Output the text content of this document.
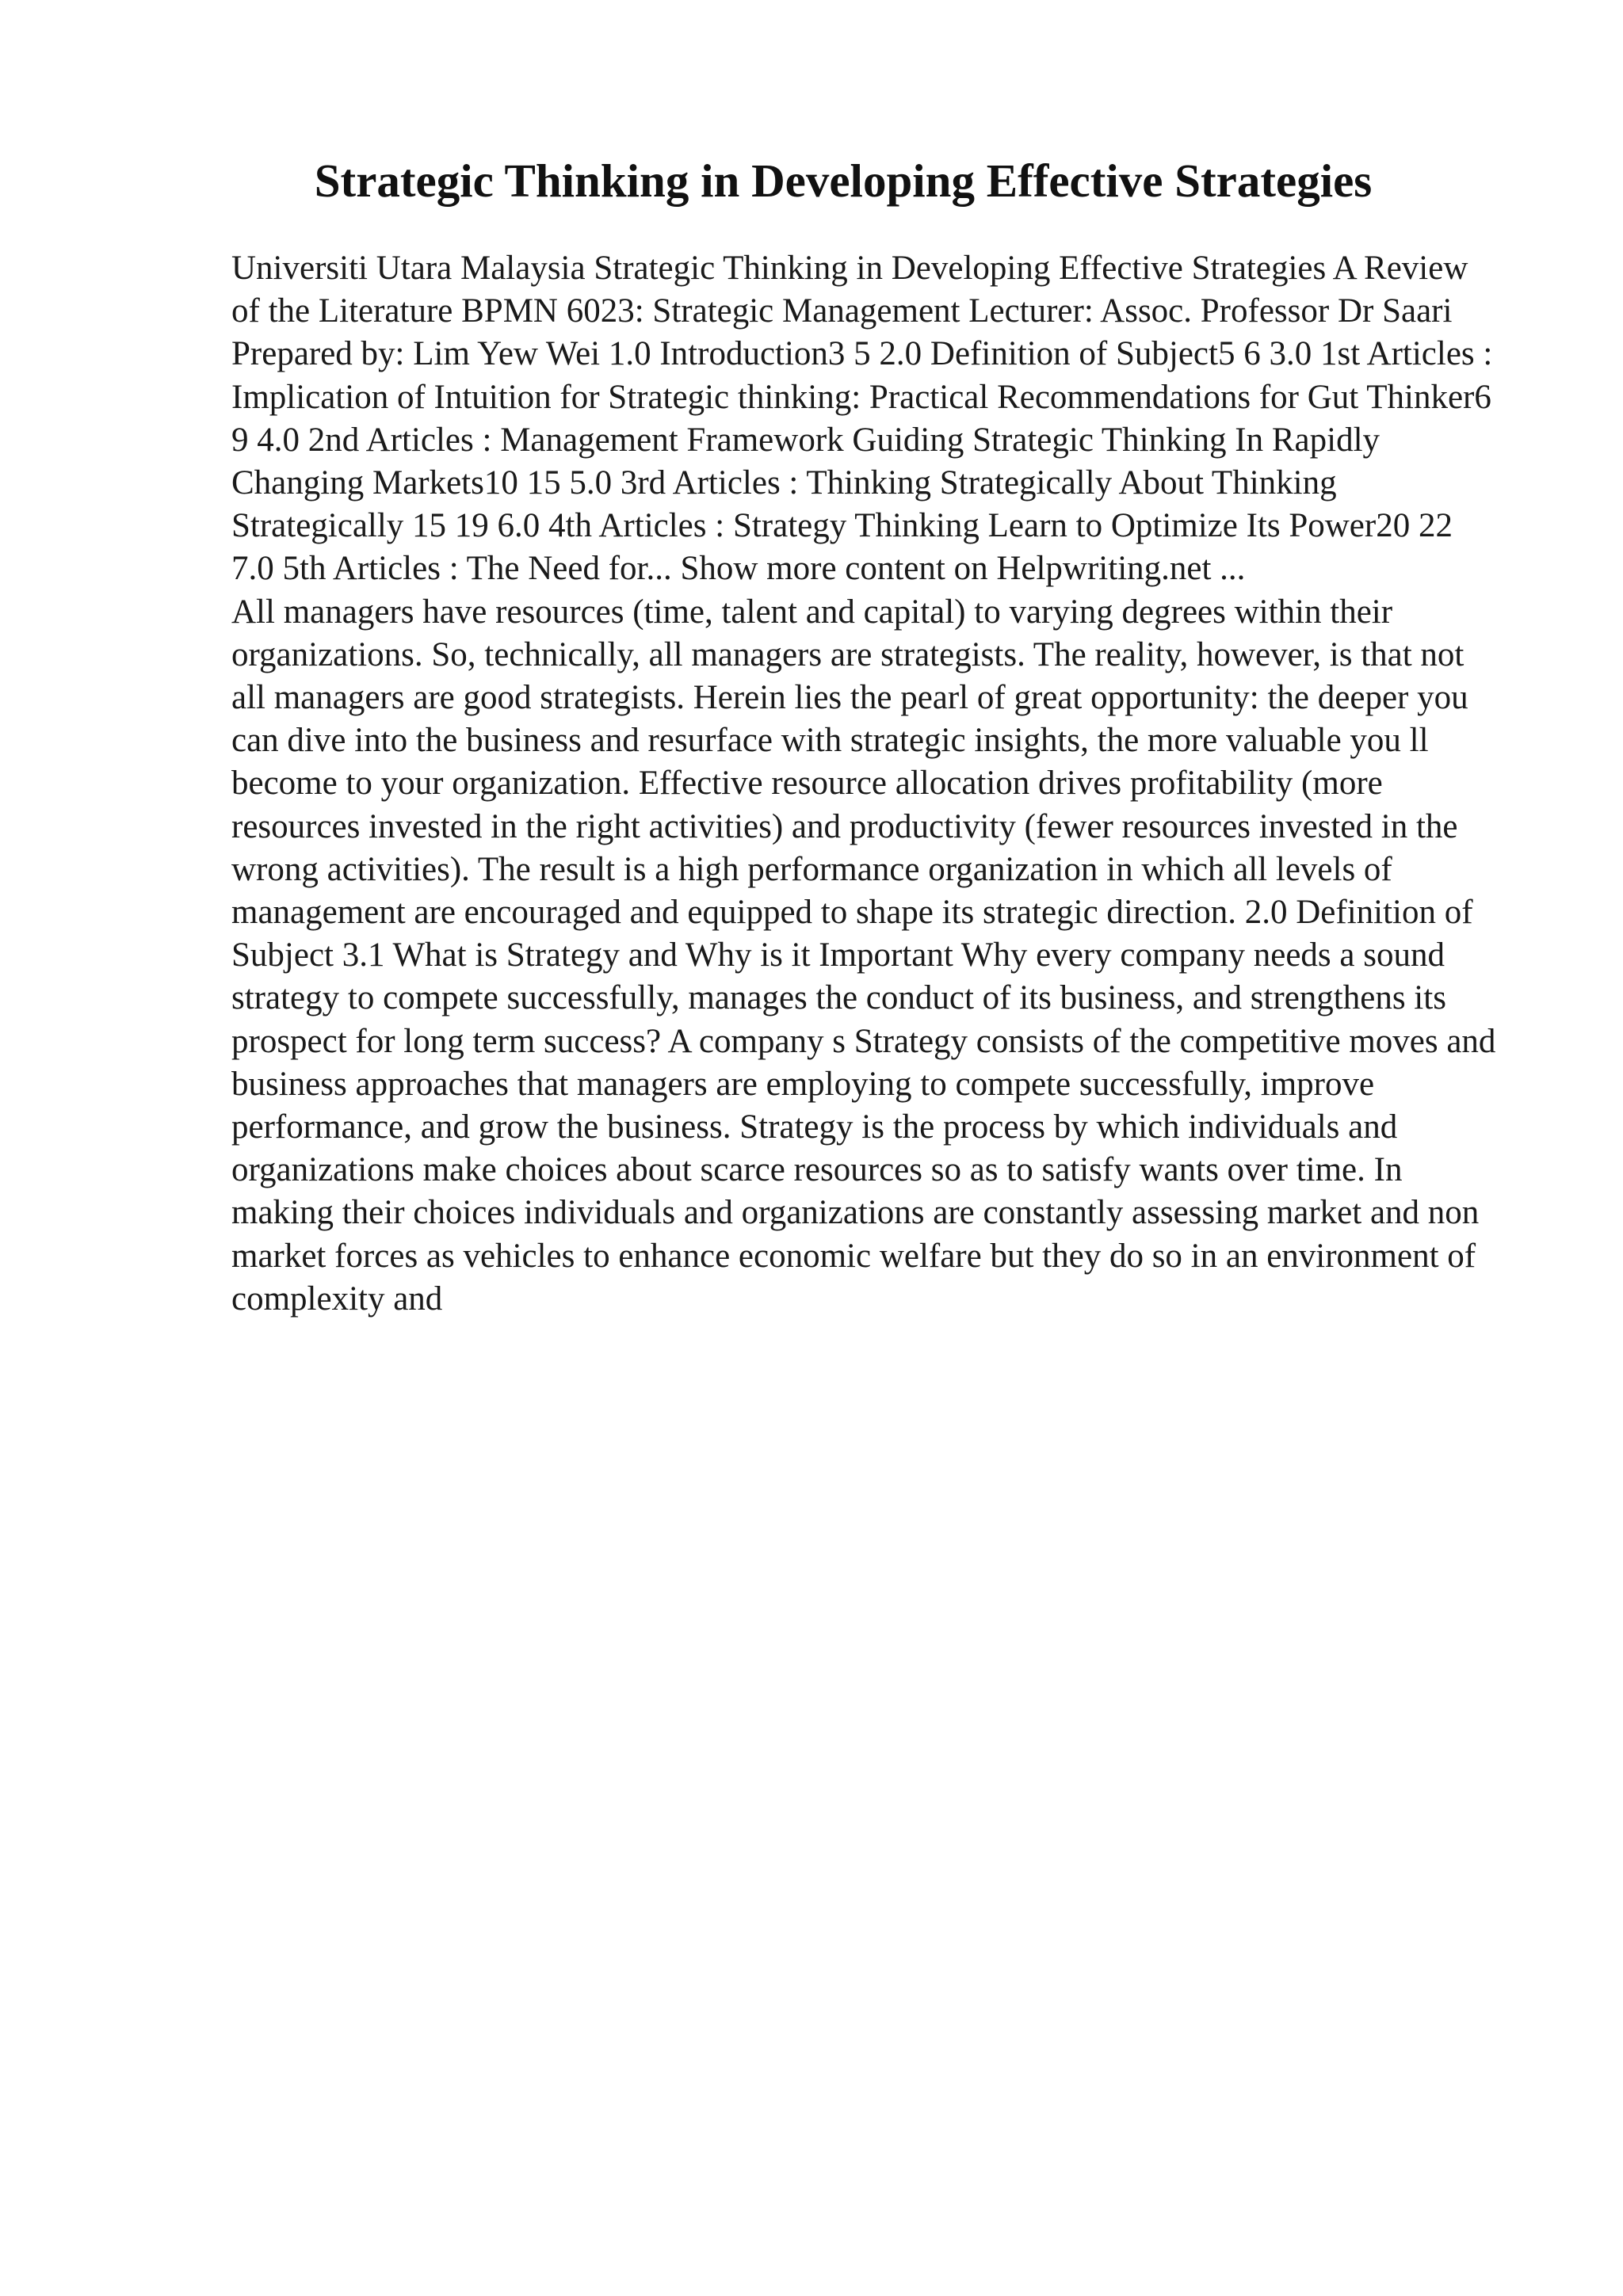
Strategic Thinking in Developing Effective Strategies

Universiti Utara Malaysia Strategic Thinking in Developing Effective Strategies A Review of the Literature BPMN 6023: Strategic Management Lecturer: Assoc. Professor Dr Saari Prepared by: Lim Yew Wei 1.0 Introduction3 5 2.0 Definition of Subject5 6 3.0 1st Articles : Implication of Intuition for Strategic thinking: Practical Recommendations for Gut Thinker6 9 4.0 2nd Articles : Management Framework Guiding Strategic Thinking In Rapidly Changing Markets10 15 5.0 3rd Articles : Thinking Strategically About Thinking Strategically 15 19 6.0 4th Articles : Strategy Thinking Learn to Optimize Its Power20 22 7.0 5th Articles : The Need for... Show more content on Helpwriting.net ...

All managers have resources (time, talent and capital) to varying degrees within their organizations. So, technically, all managers are strategists. The reality, however, is that not all managers are good strategists. Herein lies the pearl of great opportunity: the deeper you can dive into the business and resurface with strategic insights, the more valuable you ll become to your organization. Effective resource allocation drives profitability (more resources invested in the right activities) and productivity (fewer resources invested in the wrong activities). The result is a high performance organization in which all levels of management are encouraged and equipped to shape its strategic direction. 2.0 Definition of Subject 3.1 What is Strategy and Why is it Important Why every company needs a sound strategy to compete successfully, manages the conduct of its business, and strengthens its prospect for long term success? A company s Strategy consists of the competitive moves and business approaches that managers are employing to compete successfully, improve performance, and grow the business. Strategy is the process by which individuals and organizations make choices about scarce resources so as to satisfy wants over time. In making their choices individuals and organizations are constantly assessing market and non market forces as vehicles to enhance economic welfare but they do so in an environment of complexity and
